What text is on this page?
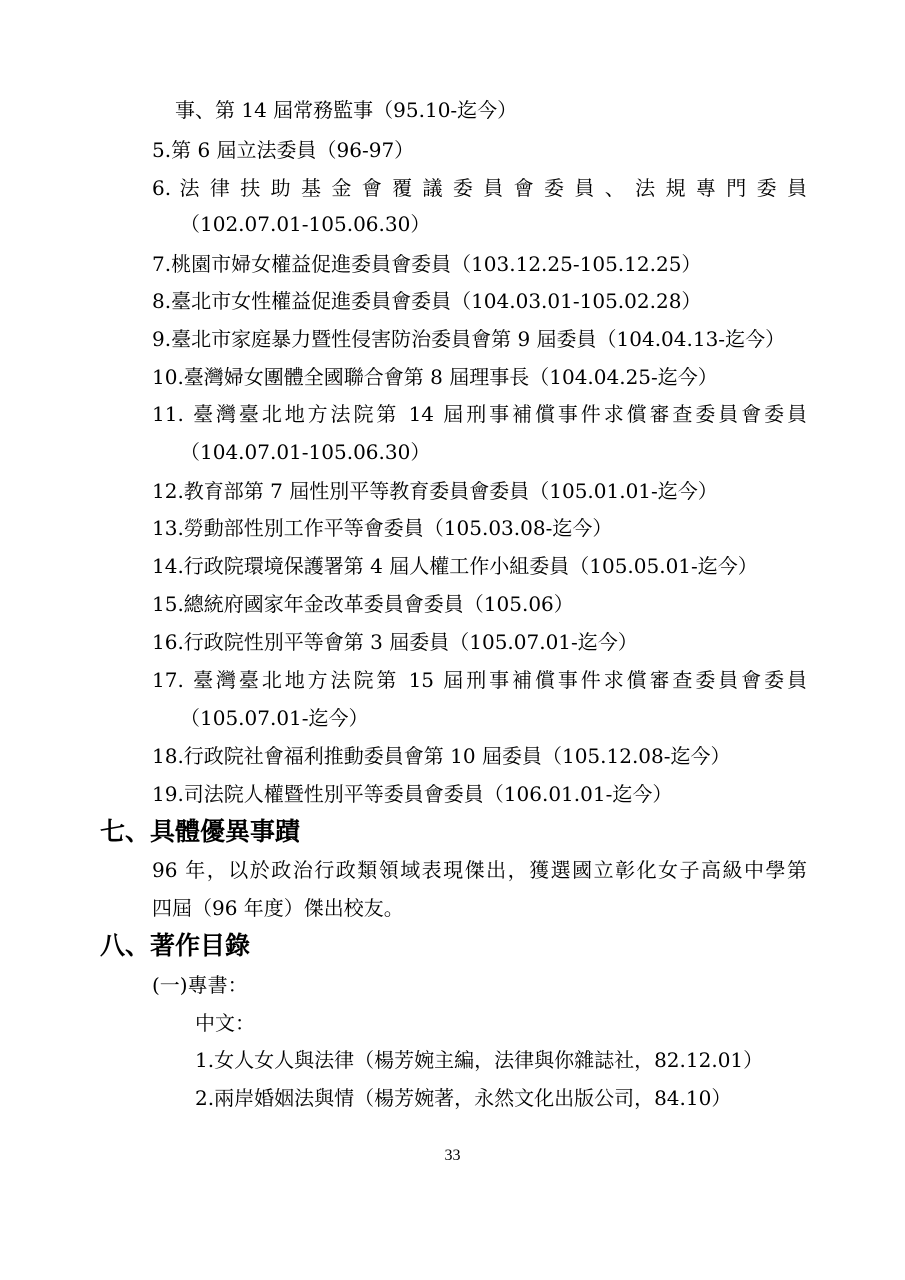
事、第 14 屆常務監事（95.10-迄今）
5.第 6 屆立法委員（96-97）
6. 法 律 扶 助 基 金 會 覆 議 委 員 會 委 員 、 法 規 專 門 委 員
（102.07.01-105.06.30）
7.桃園市婦女權益促進委員會委員（103.12.25-105.12.25）
8.臺北市女性權益促進委員會委員（104.03.01-105.02.28）
9.臺北市家庭暴力暨性侵害防治委員會第 9 屆委員（104.04.13-迄今）
10.臺灣婦女團體全國聯合會第 8 屆理事長（104.04.25-迄今）
11. 臺灣臺北地方法院第 14 屆刑事補償事件求償審查委員會委員
（104.07.01-105.06.30）
12.教育部第 7 屆性別平等教育委員會委員（105.01.01-迄今）
13.勞動部性別工作平等會委員（105.03.08-迄今）
14.行政院環境保護署第 4 屆人權工作小組委員（105.05.01-迄今）
15.總統府國家年金改革委員會委員（105.06）
16.行政院性別平等會第 3 屆委員（105.07.01-迄今）
17. 臺灣臺北地方法院第 15 屆刑事補償事件求償審查委員會委員
（105.07.01-迄今）
18.行政院社會福利推動委員會第 10 屆委員（105.12.08-迄今）
19.司法院人權暨性別平等委員會委員（106.01.01-迄今）
七、具體優異事蹟
96 年，以於政治行政類領域表現傑出，獲選國立彰化女子高級中學第
四屆（96 年度）傑出校友。
八、著作目錄
(一)專書：
中文：
1.女人女人與法律（楊芳婉主編，法律與你雜誌社，82.12.01）
2.兩岸婚姻法與情（楊芳婉著，永然文化出版公司，84.10）
33
